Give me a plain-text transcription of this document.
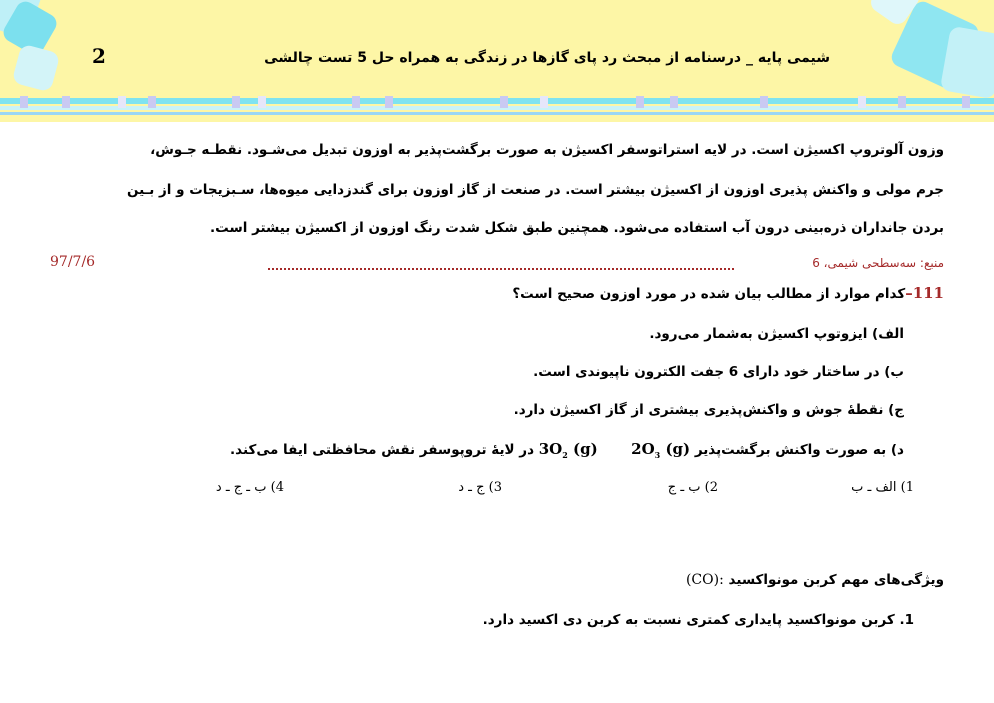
2	شیمی پایه _ درسنامه از مبحث رد پای گازها در زندگی به همراه حل 5 تست چالشی
وزون آلوتروپ اکسیژن است. در لایه استراتوسفر اکسیژن به صورت برگشت‌پذیر به اوزون تبدیل می‌شـود. نقطـه جـوش،
جرم مولی و واکنش پذیری اوزون از اکسیژن بیشتر است. در صنعت از گاز اوزون برای گندزدایی میوه‌ها، سـبزیجات و از بـین
بردن جانداران ذره‌بینی درون آب استفاده می‌شود. همچنین طبق شکل شدت رنگ اوزون از اکسیژن بیشتر است.
منبع: سه‌سطحی شیمی، 6
97/7/6
111–کدام موارد از مطالب بیان شده در مورد اوزون صحیح است؟
الف) ایزوتوپ اکسیژن به‌شمار می‌رود.
ب) در ساختار خود دارای 6 جفت الکترون ناپیوندی است.
ج) نقطۀ جوش و واکنش‌پذیری بیشتری از گاز اکسیژن دارد.
د) به صورت واکنش برگشت‌پذیر $3O_2$ (g) $2O_3$ (g) در لایۀ تروپوسفر نقش محافظتی ایفا می‌کند.
1) الف ـ ب
2) ب ـ ج
3) ج ـ د
4) ب ـ ج ـ د
ویژگی‌های مهم کربن مونواکسید (CO):
1. کربن مونواکسید پایداری کمتری نسبت به کربن دی اکسید دارد.
